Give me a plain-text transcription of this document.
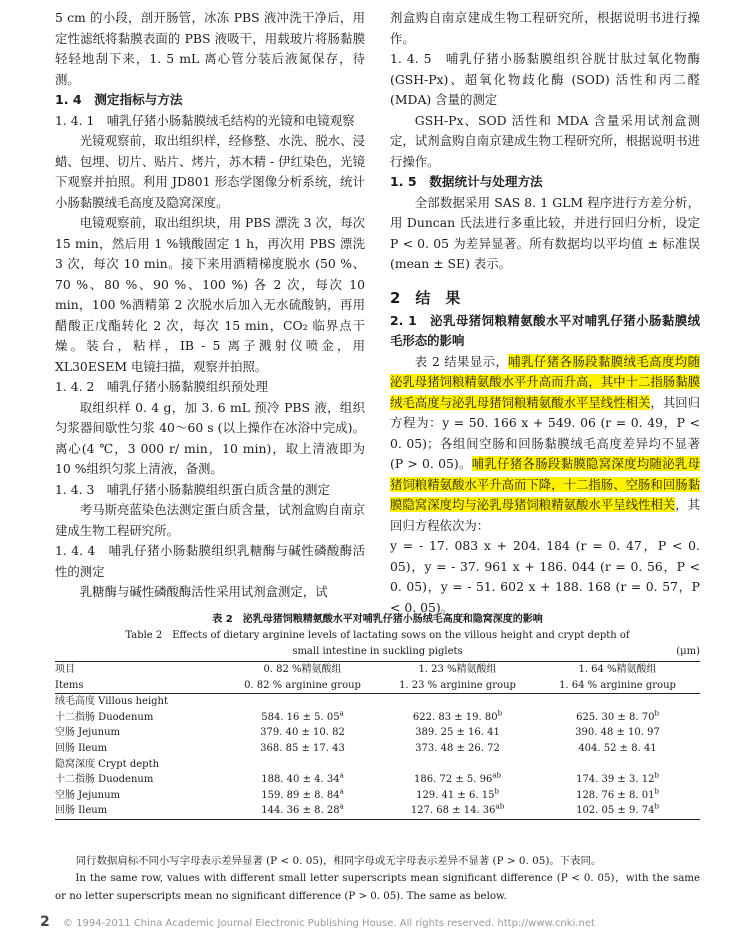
5 cm 的小段，剖开肠管，冰冻 PBS 液冲洗干净后，用定性滤纸将黏膜表面的 PBS 液吸干，用载玻片将肠黏膜轻轻地刮下来，1. 5 mL 离心管分装后液氮保存，待测。

1. 4　测定指标与方法

1. 4. 1　哺乳仔猪小肠黏膜绒毛结构的光镜和电镜观察

光镜观察前，取出组织样，经修整、水洗、脱水、浸蜡、包埋、切片、贴片、烤片，苏木精 - 伊红染色，光镜下观察并拍照。利用 JD801 形态学图像分析系统，统计小肠黏膜绒毛高度及隐窝深度。

电镜观察前，取出组织块，用 PBS 漂洗 3 次，每次 15 min，然后用 1 %锇酸固定 1 h，再次用 PBS 漂洗 3 次，每次 10 min。接下来用酒精梯度脱水 (50 %、70 %、80 %、90 %、100 %) 各 2 次，每次 10 min，100 %酒精第 2 次脱水后加入无水硫酸钠，再用醋酸正戊酯转化 2 次，每次 15 min，CO₂ 临界点干燥。装台，粘样，IB - 5 离子溅射仪喷金，用 XL30ESEM 电镜扫描，观察并拍照。

1. 4. 2　哺乳仔猪小肠黏膜组织预处理

取组织样 0. 4 g，加 3. 6 mL 预冷 PBS 液，组织匀浆器间歇性匀浆 40～60 s (以上操作在冰浴中完成)。离心(4 ℃，3 000 r/ min，10 min)，取上清液即为 10 %组织匀浆上清液，备测。

1. 4. 3　哺乳仔猪小肠黏膜组织蛋白质含量的测定

考马斯亮蓝染色法测定蛋白质含量，试剂盒购自南京建成生物工程研究所。

1. 4. 4　哺乳仔猪小肠黏膜组织乳糖酶与碱性磷酸酶活性的测定

乳糖酶与碱性磷酸酶活性采用试剂盒测定，试

剂盒购自南京建成生物工程研究所，根据说明书进行操作。

1. 4. 5　哺乳仔猪小肠黏膜组织谷胱甘肽过氧化物酶 (GSH-Px)、超氧化物歧化酶 (SOD) 活性和丙二醛 (MDA) 含量的测定

GSH-Px、SOD 活性和 MDA 含量采用试剂盒测定，试剂盒购自南京建成生物工程研究所，根据说明书进行操作。

1. 5　数据统计与处理方法

全部数据采用 SAS 8. 1 GLM 程序进行方差分析，用 Duncan 氏法进行多重比较，并进行回归分析，设定 P < 0. 05 为差异显著。所有数据均以平均值 ± 标准误 (mean ± SE) 表示。

2　结　果

2. 1　泌乳母猪饲粮精氨酸水平对哺乳仔猪小肠黏膜绒毛形态的影响

表 2 结果显示，哺乳仔猪各肠段黏膜绒毛高度均随泌乳母猪饲粮精氨酸水平升高而升高，其中十二指肠黏膜绒毛高度与泌乳母猪饲粮精氨酸水平呈线性相关，其回归方程为：y = 50. 166 x + 549. 06 (r = 0. 49，P < 0. 05)；各组间空肠和回肠黏膜绒毛高度差异均不显著 (P > 0. 05)。哺乳仔猪各肠段黏膜隐窝深度均随泌乳母猪饲粮精氨酸水平升高而下降，十二指肠、空肠和回肠黏膜隐窝深度均与泌乳母猪饲粮精氨酸水平呈线性相关，其回归方程依次为：

y = - 17. 083 x + 204. 184 (r = 0. 47，P < 0. 05)，y = - 37. 961 x + 186. 044 (r = 0. 56，P < 0. 05)，y = - 51. 602 x + 188. 168 (r = 0. 57，P < 0. 05)。

表 2　泌乳母猪饲粮精氨酸水平对哺乳仔猪小肠绒毛高度和隐窝深度的影响
Table 2　Effects of dietary arginine levels of lactating sows on the villous height and crypt depth of
small intestine in suckling piglets	(μm)
项目	0. 82 %精氨酸组	1. 23 %精氨酸组	1. 64 %精氨酸组
Items	0. 82 % arginine group	1. 23 % arginine group	1. 64 % arginine group
绒毛高度 Villous height			
十二指肠 Duodenum	584. 16 ± 5. 05$^a$	622. 83 ± 19. 80$^b$	625. 30 ± 8. 70$^b$
空肠 Jejunum	379. 40 ± 10. 82	389. 25 ± 16. 41	390. 48 ± 10. 97
回肠 Ileum	368. 85 ± 17. 43	373. 48 ± 26. 72	404. 52 ± 8. 41
隐窝深度 Crypt depth			
十二指肠 Duodenum	188. 40 ± 4. 34$^a$	186. 72 ± 5. $96^{ab}$	174. 39 ± 3. 12$^b$
空肠 Jejunum	159. 89 ± 8. 84$^a$	129. 41 ± 6. 15$^b$	128. 76 ± 8. 01$^b$
回肠 Ileum	144. 36 ± 8. 28$^a$	127. 68 ± 14. $36^{ab}$	102. 05 ± 9. 74$^b$
同行数据肩标不同小写字母表示差异显著 (P < 0. 05)，相同字母或无字母表示差异不显著 (P > 0. 05)。下表同。
In the same row, values with different small letter superscripts mean significant difference (P < 0. 05)，with the same or no letter superscripts mean no significant difference (P > 0. 05). The same as below.
2 © 1994-2011 China Academic Journal Electronic Publishing House. All rights reserved. http://www.cnki.net
